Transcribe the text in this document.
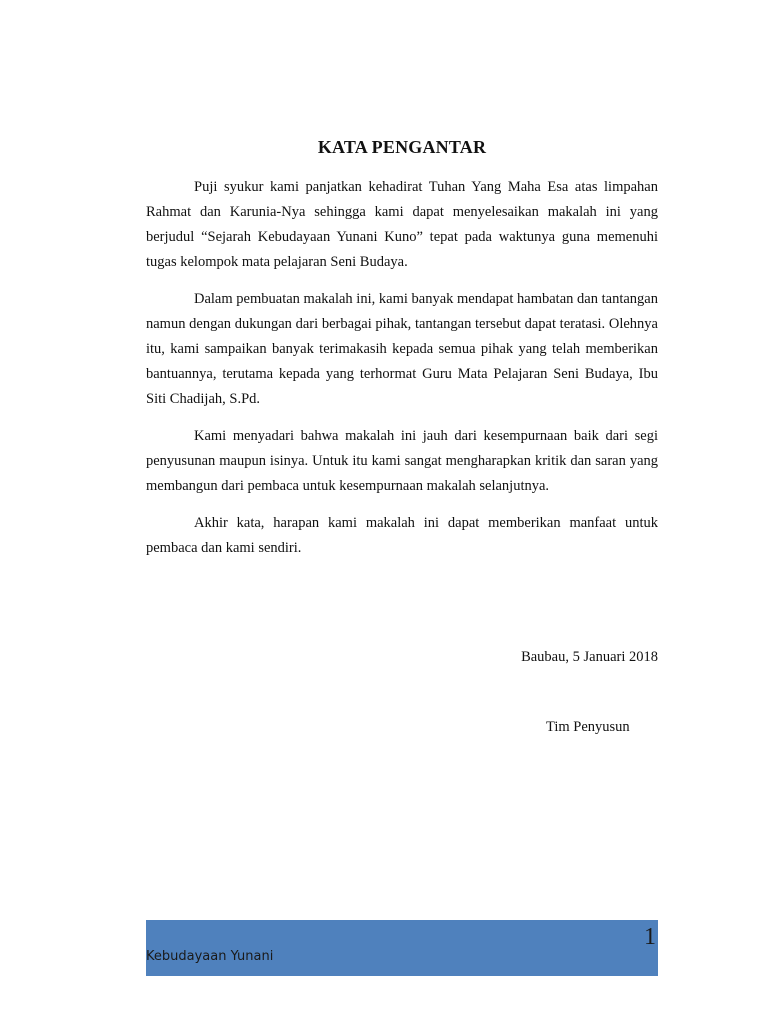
KATA PENGANTAR

Puji syukur kami panjatkan kehadirat Tuhan Yang Maha Esa atas limpahan Rahmat dan Karunia-Nya sehingga kami dapat menyelesaikan makalah ini yang berjudul “Sejarah Kebudayaan Yunani Kuno” tepat pada waktunya guna memenuhi tugas kelompok mata pelajaran Seni Budaya.

Dalam pembuatan makalah ini, kami banyak mendapat hambatan dan tantangan namun dengan dukungan dari berbagai pihak, tantangan tersebut dapat teratasi. Olehnya itu, kami sampaikan banyak terimakasih kepada semua pihak yang telah memberikan bantuannya, terutama kepada yang terhormat Guru Mata Pelajaran Seni Budaya, Ibu Siti Chadijah, S.Pd.

Kami menyadari bahwa makalah ini jauh dari kesempurnaan baik dari segi penyusunan maupun isinya. Untuk itu kami sangat mengharapkan kritik dan saran yang membangun dari pembaca untuk kesempurnaan makalah selanjutnya.

Akhir kata, harapan kami makalah ini dapat memberikan manfaat untuk pembaca dan kami sendiri.

Baubau, 5 Januari 2018
Tim Penyusun
Kebudayaan Yunani
1
